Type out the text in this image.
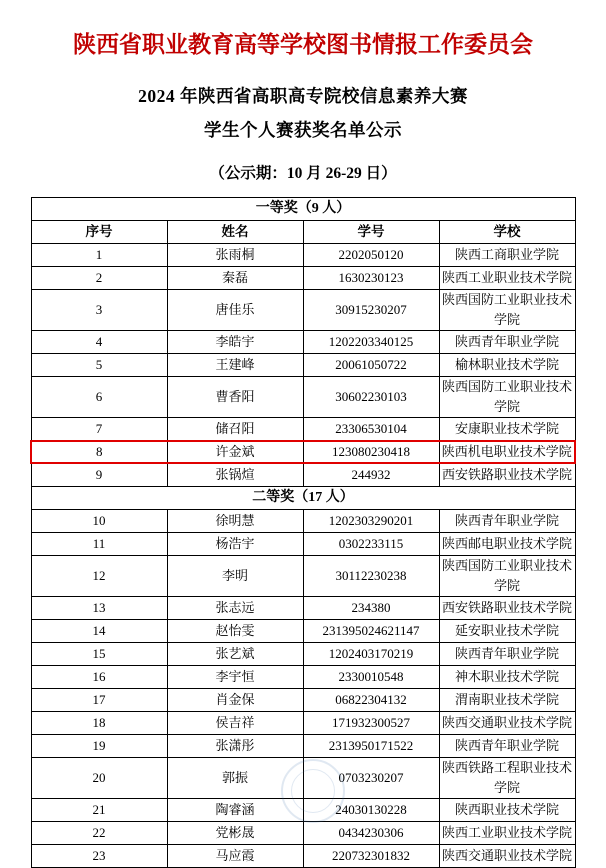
陕西省职业教育高等学校图书情报工作委员会
2024 年陕西省高职高专院校信息素养大赛
学生个人赛获奖名单公示
（公示期：10 月 26-29 日）
一等奖（9 人）			
序号	姓名	学号	学校
1	张雨桐	2202050120	陕西工商职业学院
2	秦磊	1630230123	陕西工业职业技术学院
3	唐佳乐	30915230207	陕西国防工业职业技术学院
4	李皓宇	1202203340125	陕西青年职业学院
5	王建峰	20061050722	榆林职业技术学院
6	曹香阳	30602230103	陕西国防工业职业技术学院
7	储召阳	23306530104	安康职业技术学院
8	许金斌	123080230418	陕西机电职业技术学院
9	张锅煊	244932	西安铁路职业技术学院
二等奖（17 人）			
10	徐明慧	1202303290201	陕西青年职业学院
11	杨浩宇	0302233115	陕西邮电职业技术学院
12	李明	30112230238	陕西国防工业职业技术学院
13	张志远	234380	西安铁路职业技术学院
14	赵怡雯	231395024621147	延安职业技术学院
15	张艺斌	1202403170219	陕西青年职业学院
16	李宇恒	2330010548	神木职业技术学院
17	肖金保	06822304132	渭南职业技术学院
18	侯吉祥	171932300527	陕西交通职业技术学院
19	张潇彤	2313950171522	陕西青年职业学院
20	郭振	0703230207	陕西铁路工程职业技术学院
21	陶睿涵	24030130228	陕西职业技术学院
22	党彬晟	0434230306	陕西工业职业技术学院
23	马应霞	220732301832	陕西交通职业技术学院
